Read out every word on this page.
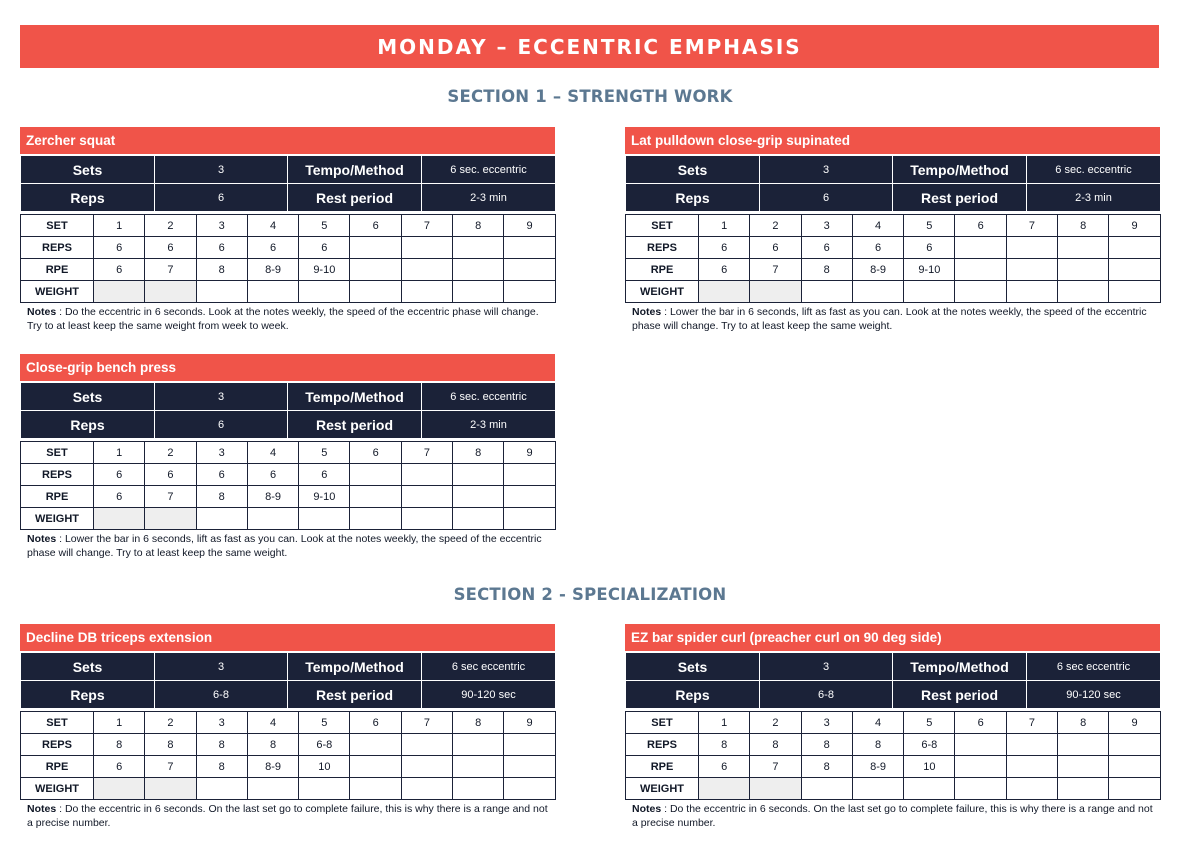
MONDAY – ECCENTRIC EMPHASIS
SECTION 1 – STRENGTH WORK
SECTION 2 - SPECIALIZATION
Zercher squat
Sets	3	Tempo/Method	6 sec. eccentric
Reps	6	Rest period	2-3 min
SET	1	2	3	4	5	6	7	8	9
REPS	6	6	6	6	6				
RPE	6	7	8	8-9	9-10				
WEIGHT									
Notes : Do the eccentric in 6 seconds. Look at the notes weekly, the speed of the eccentric phase will change. Try to at least keep the same weight from week to week.
Lat pulldown close-grip supinated
Sets	3	Tempo/Method	6 sec. eccentric
Reps	6	Rest period	2-3 min
SET	1	2	3	4	5	6	7	8	9
REPS	6	6	6	6	6				
RPE	6	7	8	8-9	9-10				
WEIGHT									
Notes : Lower the bar in 6 seconds, lift as fast as you can. Look at the notes weekly, the speed of the eccentric phase will change. Try to at least keep the same weight.
Close-grip bench press
Sets	3	Tempo/Method	6 sec. eccentric
Reps	6	Rest period	2-3 min
SET	1	2	3	4	5	6	7	8	9
REPS	6	6	6	6	6				
RPE	6	7	8	8-9	9-10				
WEIGHT									
Notes : Lower the bar in 6 seconds, lift as fast as you can. Look at the notes weekly, the speed of the eccentric phase will change. Try to at least keep the same weight.
Decline DB triceps extension
Sets	3	Tempo/Method	6 sec eccentric
Reps	6-8	Rest period	90-120 sec
SET	1	2	3	4	5	6	7	8	9
REPS	8	8	8	8	6-8				
RPE	6	7	8	8-9	10				
WEIGHT									
Notes : Do the eccentric in 6 seconds. On the last set go to complete failure, this is why there is a range and not a precise number.
EZ bar spider curl (preacher curl on 90 deg side)
Sets	3	Tempo/Method	6 sec eccentric
Reps	6-8	Rest period	90-120 sec
SET	1	2	3	4	5	6	7	8	9
REPS	8	8	8	8	6-8				
RPE	6	7	8	8-9	10				
WEIGHT									
Notes : Do the eccentric in 6 seconds. On the last set go to complete failure, this is why there is a range and not a precise number.
